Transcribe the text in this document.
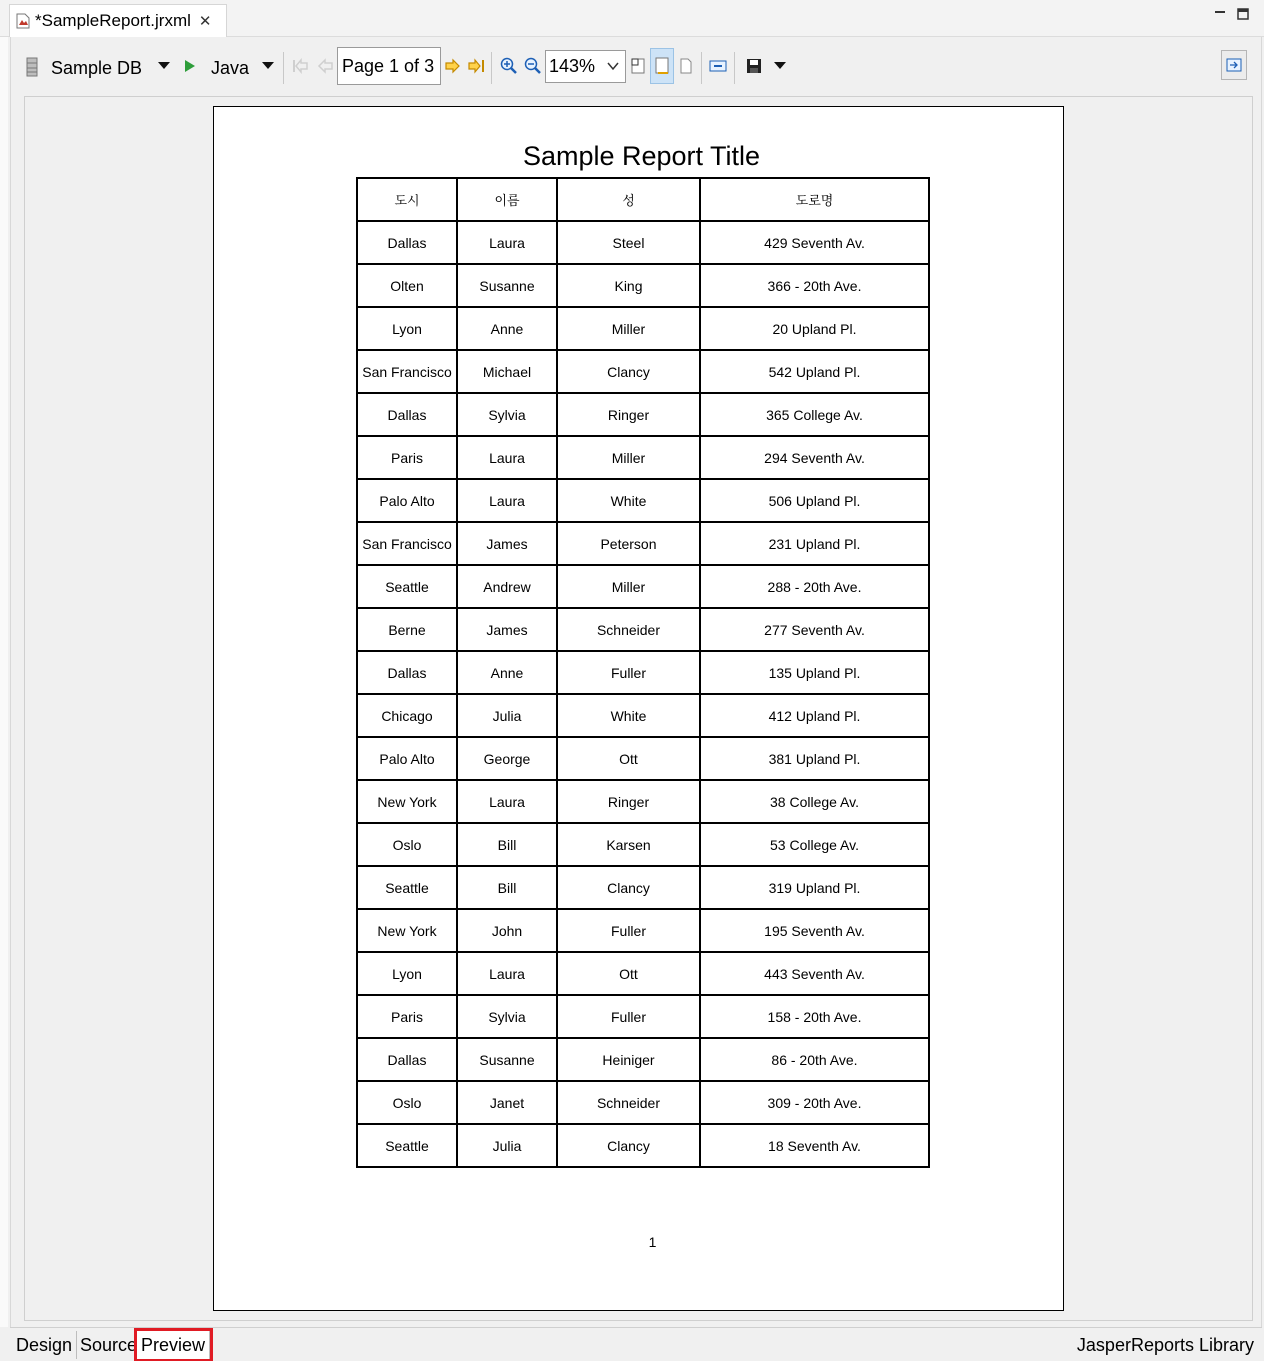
*SampleReport.jrxml ✕
Sample DB	Java	Page 1 of 3	143%
Sample Report Title
도시	이름	성	도로명
Dallas	Laura	Steel	429 Seventh Av.
Olten	Susanne	King	366 - 20th Ave.
Lyon	Anne	Miller	20 Upland Pl.
San Francisco	Michael	Clancy	542 Upland Pl.
Dallas	Sylvia	Ringer	365 College Av.
Paris	Laura	Miller	294 Seventh Av.
Palo Alto	Laura	White	506 Upland Pl.
San Francisco	James	Peterson	231 Upland Pl.
Seattle	Andrew	Miller	288 - 20th Ave.
Berne	James	Schneider	277 Seventh Av.
Dallas	Anne	Fuller	135 Upland Pl.
Chicago	Julia	White	412 Upland Pl.
Palo Alto	George	Ott	381 Upland Pl.
New York	Laura	Ringer	38 College Av.
Oslo	Bill	Karsen	53 College Av.
Seattle	Bill	Clancy	319 Upland Pl.
New York	John	Fuller	195 Seventh Av.
Lyon	Laura	Ott	443 Seventh Av.
Paris	Sylvia	Fuller	158 - 20th Ave.
Dallas	Susanne	Heiniger	86 - 20th Ave.
Oslo	Janet	Schneider	309 - 20th Ave.
Seattle	Julia	Clancy	18 Seventh Av.
1
Design Source Preview	JasperReports Library
